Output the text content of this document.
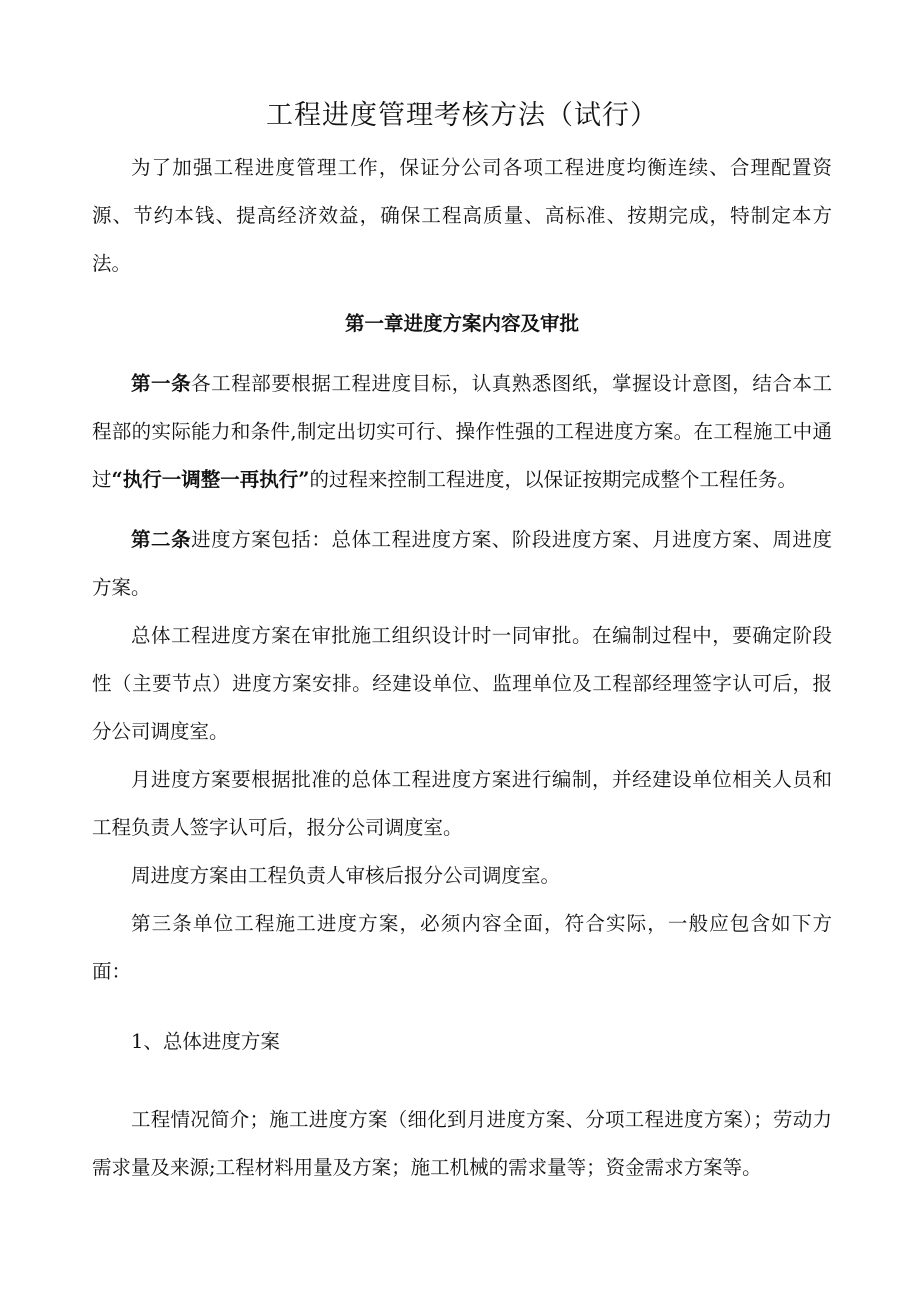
工程进度管理考核方法（试行）

为了加强工程进度管理工作，保证分公司各项工程进度均衡连续、合理配置资源、节约本钱、提高经济效益，确保工程高质量、高标准、按期完成，特制定本方法。

第一章进度方案内容及审批

第一条各工程部要根据工程进度目标，认真熟悉图纸，掌握设计意图，结合本工程部的实际能力和条件,制定出切实可行、操作性强的工程进度方案。在工程施工中通过“执行一调整一再执行”的过程来控制工程进度，以保证按期完成整个工程任务。

第二条进度方案包括：总体工程进度方案、阶段进度方案、月进度方案、周进度方案。

总体工程进度方案在审批施工组织设计时一同审批。在编制过程中，要确定阶段性（主要节点）进度方案安排。经建设单位、监理单位及工程部经理签字认可后，报分公司调度室。

月进度方案要根据批准的总体工程进度方案进行编制，并经建设单位相关人员和工程负责人签字认可后，报分公司调度室。

周进度方案由工程负责人审核后报分公司调度室。

第三条单位工程施工进度方案，必须内容全面，符合实际，一般应包含如下方面：

1、总体进度方案

工程情况简介；施工进度方案（细化到月进度方案、分项工程进度方案）；劳动力需求量及来源;工程材料用量及方案；施工机械的需求量等；资金需求方案等。
